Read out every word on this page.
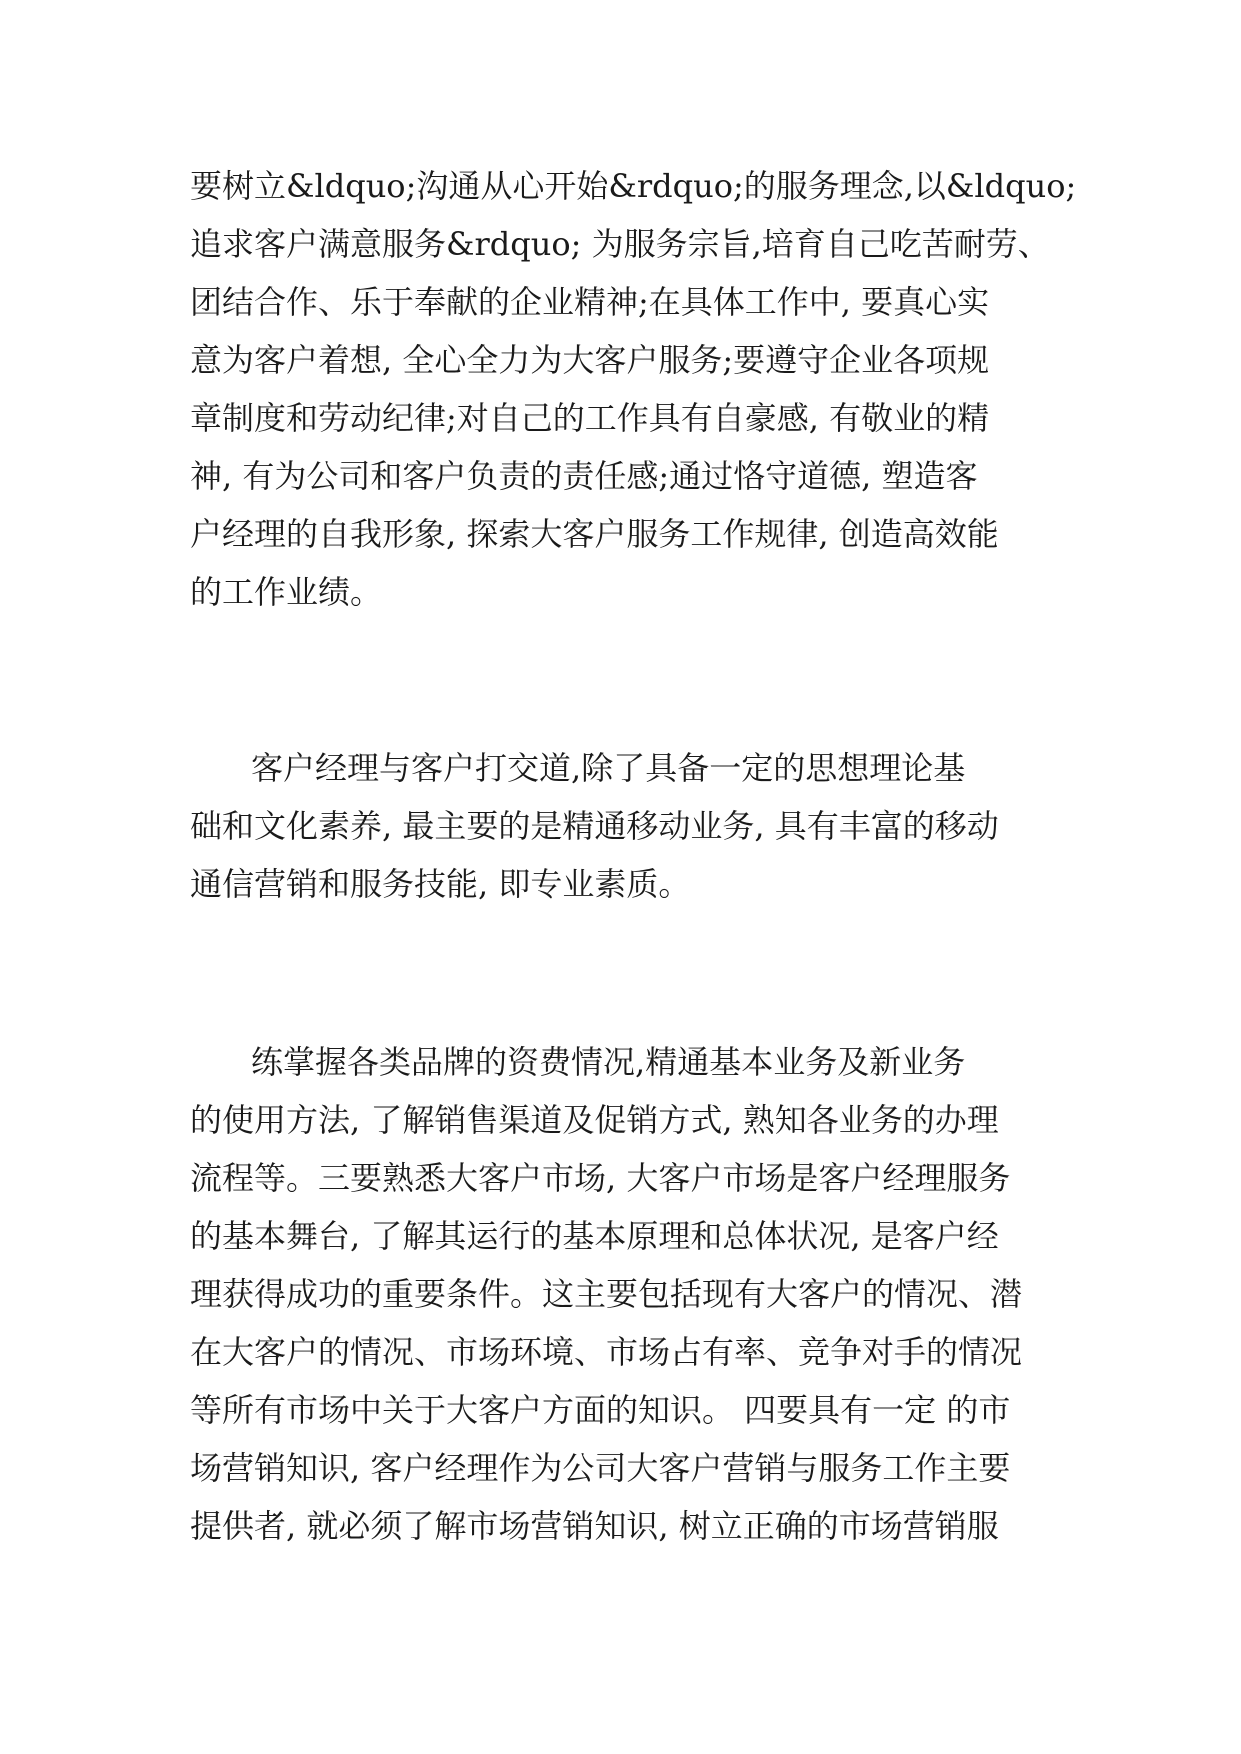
要树立&ldquo;沟通从心开始&rdquo;的服务理念,以&ldquo;
追求客户满意服务&rdquo; 为服务宗旨,培育自己吃苦耐劳、
团结合作、乐于奉献的企业精神;在具体工作中, 要真心实
意为客户着想, 全心全力为大客户服务;要遵守企业各项规
章制度和劳动纪律;对自己的工作具有自豪感, 有敬业的精
神, 有为公司和客户负责的责任感;通过恪守道德, 塑造客
户经理的自我形象, 探索大客户服务工作规律, 创造高效能
的工作业绩。

客户经理与客户打交道,除了具备一定的思想理论基
础和文化素养, 最主要的是精通移动业务, 具有丰富的移动
通信营销和服务技能, 即专业素质。

练掌握各类品牌的资费情况,精通基本业务及新业务
的使用方法, 了解销售渠道及促销方式, 熟知各业务的办理
流程等。三要熟悉大客户市场, 大客户市场是客户经理服务
的基本舞台, 了解其运行的基本原理和总体状况, 是客户经
理获得成功的重要条件。这主要包括现有大客户的情况、潜
在大客户的情况、市场环境、市场占有率、竞争对手的情况
等所有市场中关于大客户方面的知识。 四要具有一定 的市
场营销知识, 客户经理作为公司大客户营销与服务工作主要
提供者, 就必须了解市场营销知识, 树立正确的市场营销服
